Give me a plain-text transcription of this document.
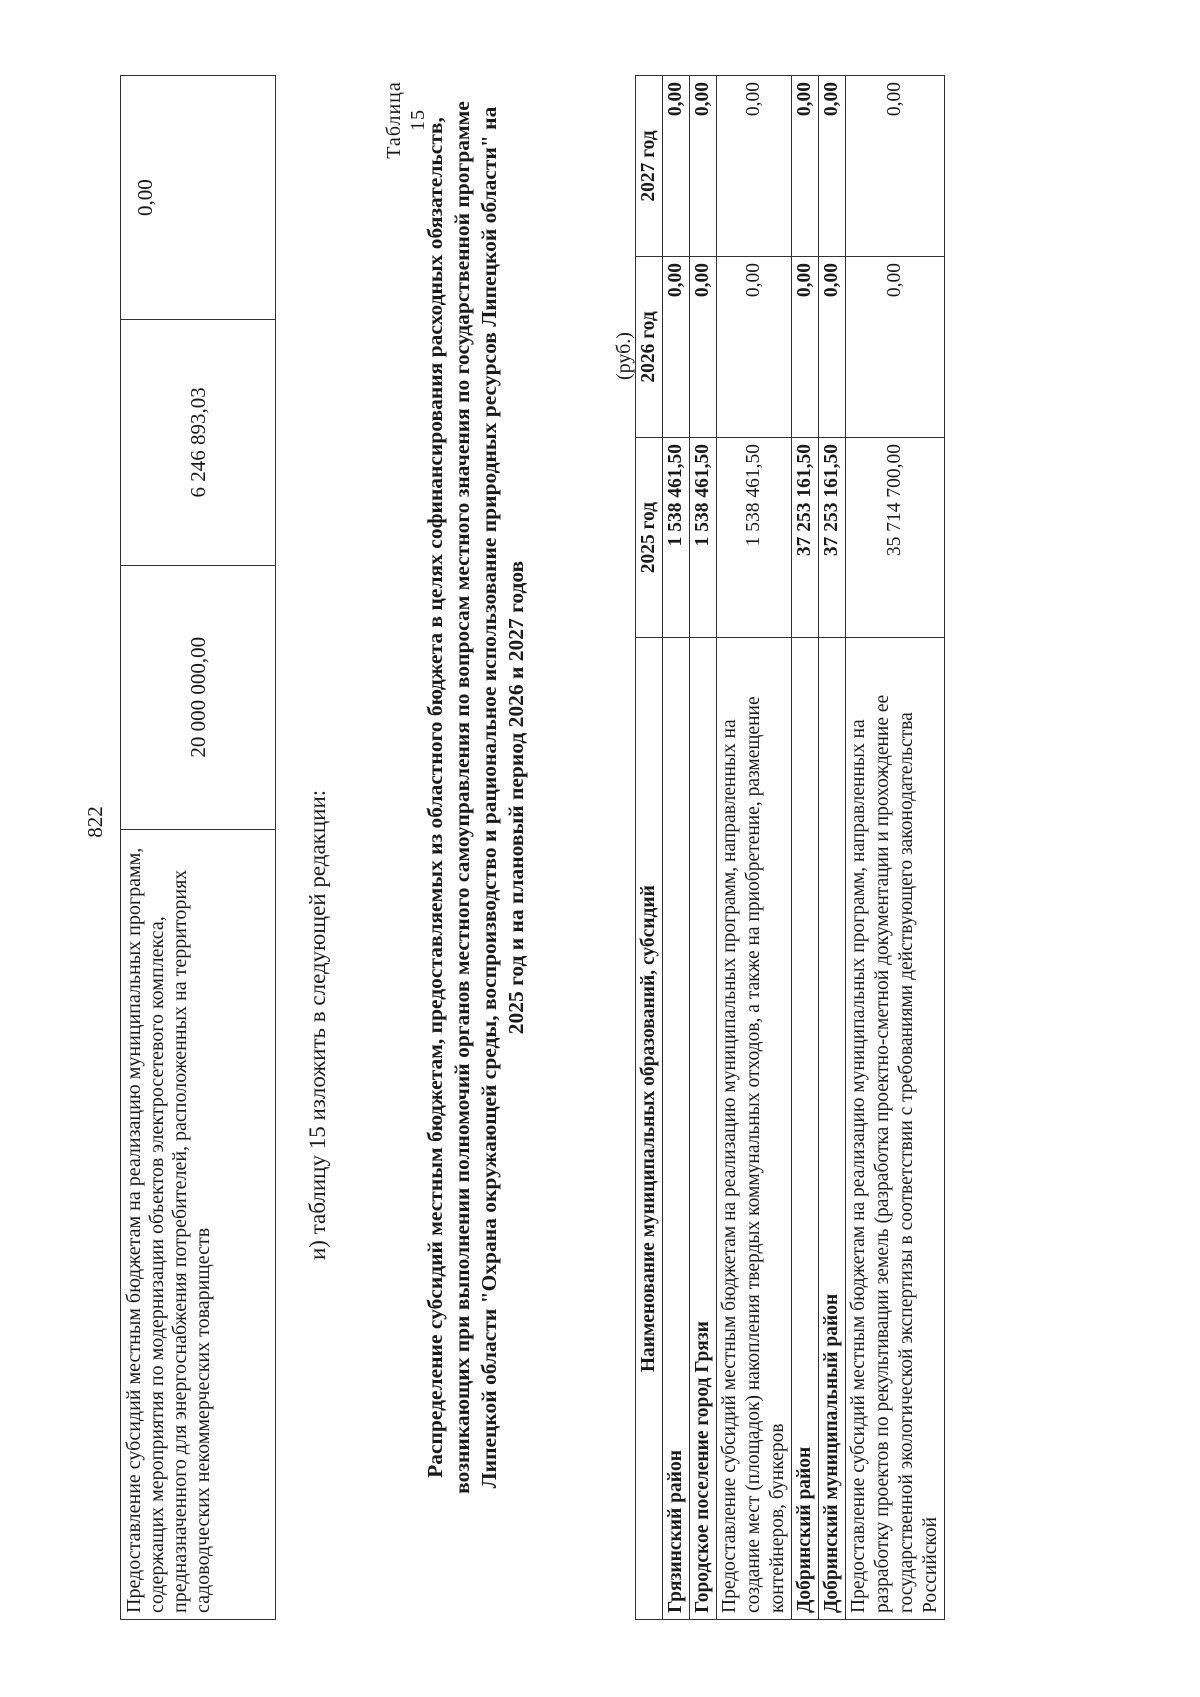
822
Предоставление субсидий местным бюджетам на реализацию муниципальных программ, содержащих мероприятия по модернизации объектов электросетевого комплекса, предназначенного для энергоснабжения потребителей, расположенных на территориях садоводческих некоммерческих товариществ	20 000 000,00	6 246 893,03	0,00
и) таблицу 15 изложить в следующей редакции:
Таблица 15
Распределение субсидий местным бюджетам, предоставляемых из областного бюджета в целях софинансирования расходных обязательств, возникающих при выполнении полномочий органов местного самоуправления по вопросам местного значения по государственной программе Липецкой области "Охрана окружающей среды, воспроизводство и рациональное использование природных ресурсов Липецкой области" на 2025 год и на плановый период 2026 и 2027 годов
(руб.)
Наименование муниципальных образований, субсидий	2025 год	2026 год	2027 год
Грязинский район	1 538 461,50	0,00	0,00
Городское поселение город Грязи	1 538 461,50	0,00	0,00
Предоставление субсидий местным бюджетам на реализацию муниципальных программ, направленных на создание мест (площадок) накопления твердых коммунальных отходов, а также на приобретение, размещение контейнеров, бункеров	1 538 461,50	0,00	0,00
Добринский район	37 253 161,50	0,00	0,00
Добринский муниципальный район	37 253 161,50	0,00	0,00
Предоставление субсидий местным бюджетам на реализацию муниципальных программ, направленных на разработку проектов по рекультивации земель (разработка проектно-сметной документации и прохождение ее государственной экологической экспертизы в соответствии с требованиями действующего законодательства Российской	35 714 700,00	0,00	0,00
